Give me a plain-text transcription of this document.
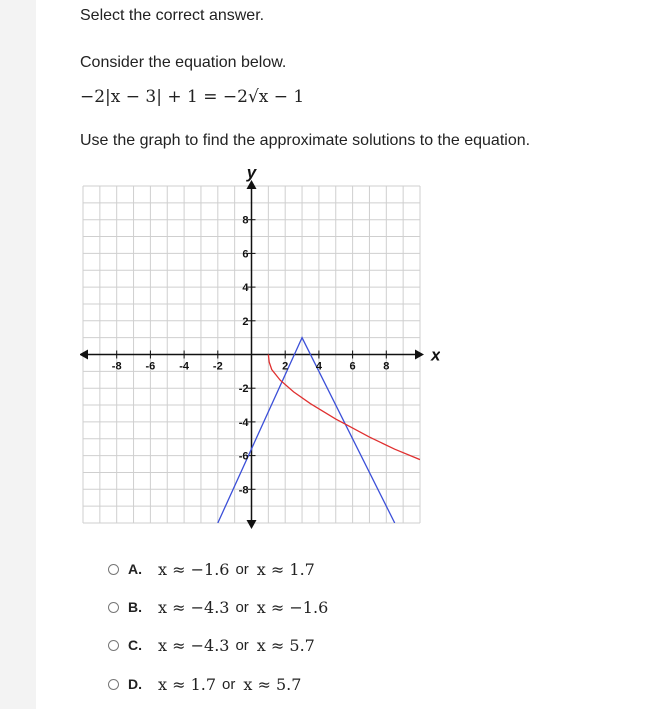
Select the correct answer.
Consider the equation below.
−2|x − 3| + 1 = −2√x − 1
Use the graph to find the approximate solutions to the equation.
-8 -6 -4 -2	2	4	6	8
8
6
4
2
-2
-4
-6
-8
x
y
A.	x ≈ −1.6 or x ≈ 1.7
B.	x ≈ −4.3 or x ≈ −1.6
C.	x ≈ −4.3 or x ≈ 5.7
D.	x ≈ 1.7 or x ≈ 5.7
